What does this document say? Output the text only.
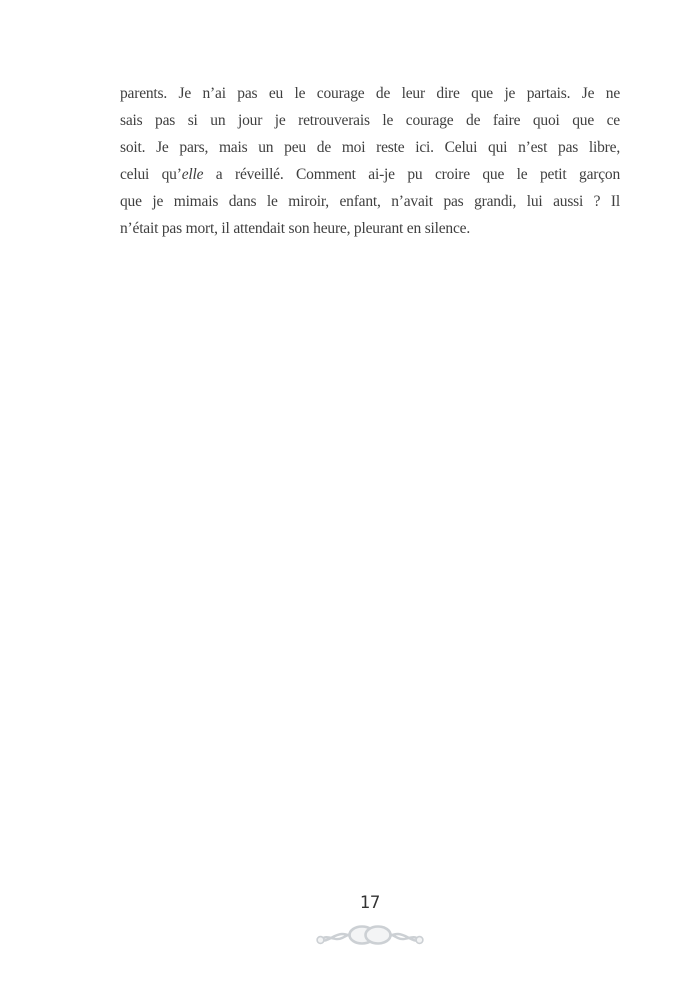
parents. Je n’ai pas eu le courage de leur dire que je partais. Je ne
sais pas si un jour je retrouverais le courage de faire quoi que ce
soit. Je pars, mais un peu de moi reste ici. Celui qui n’est pas libre,
celui qu’elle a réveillé. Comment ai-je pu croire que le petit garçon
que je mimais dans le miroir, enfant, n’avait pas grandi, lui aussi ? Il
n’était pas mort, il attendait son heure, pleurant en silence.
17
